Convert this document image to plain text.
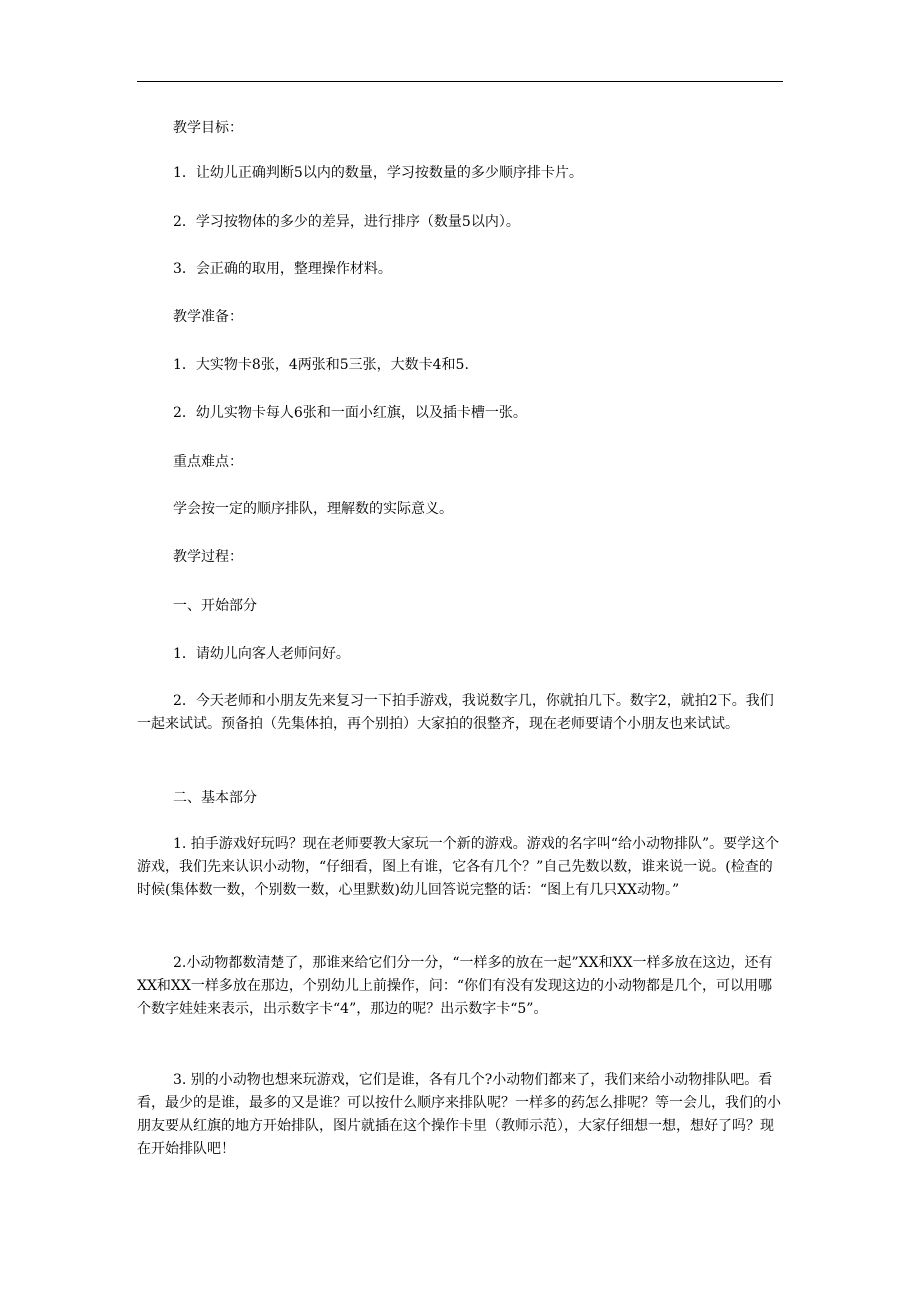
教学目标：

1．让幼儿正确判断5以内的数量，学习按数量的多少顺序排卡片。

2．学习按物体的多少的差异，进行排序（数量5以内）。

3．会正确的取用，整理操作材料。

教学准备：

1．大实物卡8张，4两张和5三张，大数卡4和5.

2．幼儿实物卡每人6张和一面小红旗，以及插卡槽一张。

重点难点：

学会按一定的顺序排队，理解数的实际意义。

教学过程：

一、开始部分

1．请幼儿向客人老师问好。

2．今天老师和小朋友先来复习一下拍手游戏，我说数字几，你就拍几下。数字2，就拍2下。我们一起来试试。预备拍（先集体拍，再个别拍）大家拍的很整齐，现在老师要请个小朋友也来试试。

二、基本部分

1. 拍手游戏好玩吗？现在老师要教大家玩一个新的游戏。游戏的名字叫“给小动物排队”。要学这个游戏，我们先来认识小动物，“仔细看，图上有谁，它各有几个？”自己先数以数，谁来说一说。(检查的时候(集体数一数，个别数一数，心里默数)幼儿回答说完整的话：“图上有几只XX动物。”

2.小动物都数清楚了，那谁来给它们分一分，“一样多的放在一起”XX和XX一样多放在这边，还有XX和XX一样多放在那边，个别幼儿上前操作，问：“你们有没有发现这边的小动物都是几个，可以用哪个数字娃娃来表示，出示数字卡“4”，那边的呢？出示数字卡“5”。

3. 别的小动物也想来玩游戏，它们是谁，各有几个?小动物们都来了，我们来给小动物排队吧。看看，最少的是谁，最多的又是谁？可以按什么顺序来排队呢？一样多的药怎么排呢？等一会儿，我们的小朋友要从红旗的地方开始排队，图片就插在这个操作卡里（教师示范），大家仔细想一想，想好了吗？现在开始排队吧！
